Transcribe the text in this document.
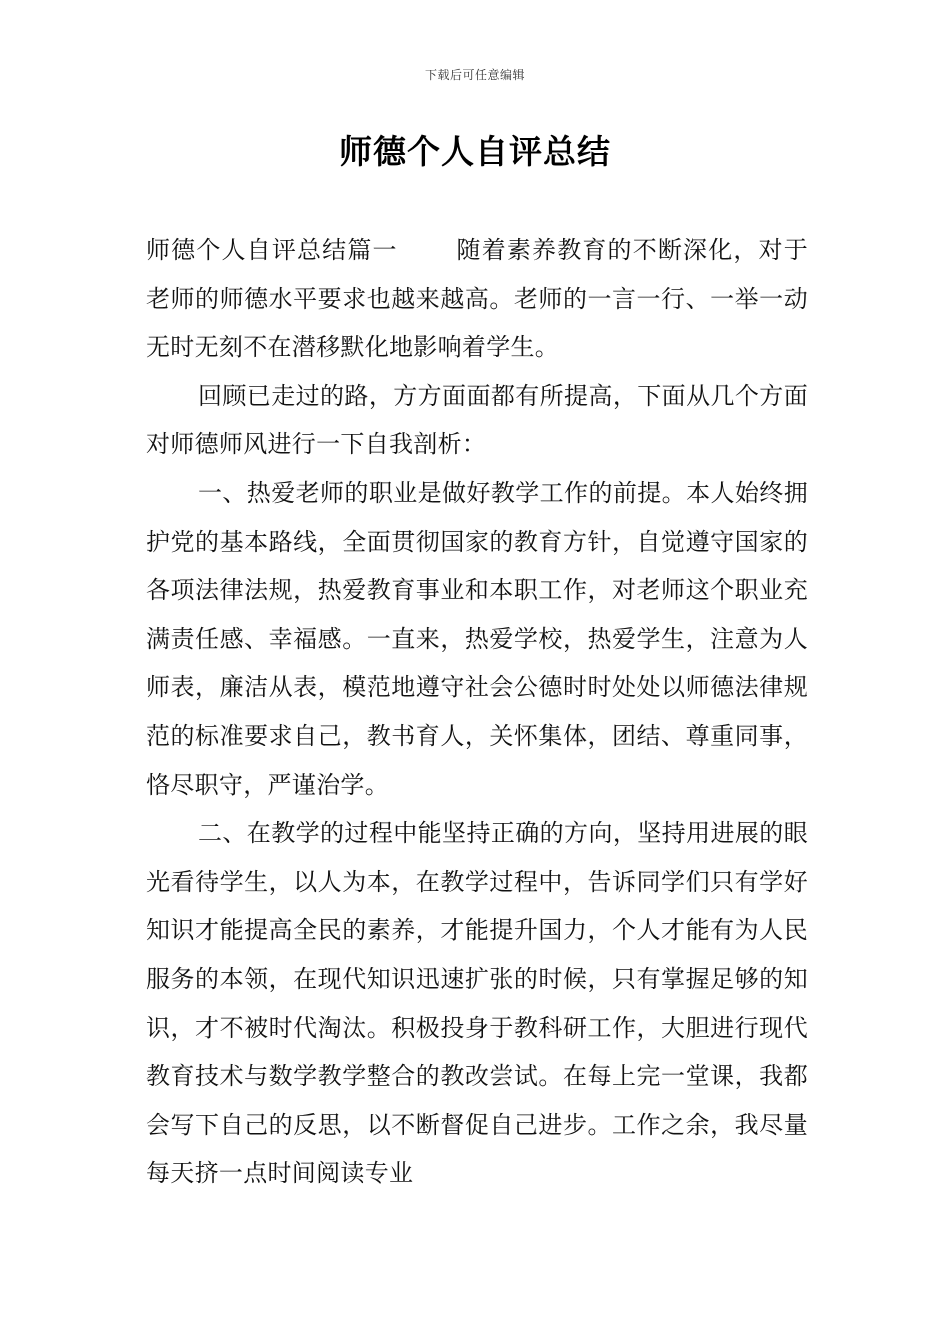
下载后可任意编辑
师德个人自评总结

师德个人自评总结篇一 随着素养教育的不断深化，对于老师的师德水平要求也越来越高。老师的一言一行、一举一动无时无刻不在潜移默化地影响着学生。

回顾已走过的路，方方面面都有所提高，下面从几个方面对师德师风进行一下自我剖析：

一、热爱老师的职业是做好教学工作的前提。本人始终拥护党的基本路线，全面贯彻国家的教育方针，自觉遵守国家的各项法律法规，热爱教育事业和本职工作，对老师这个职业充满责任感、幸福感。一直来，热爱学校，热爱学生，注意为人师表，廉洁从表，模范地遵守社会公德时时处处以师德法律规范的标准要求自己，教书育人，关怀集体，团结、尊重同事，恪尽职守，严谨治学。

二、在教学的过程中能坚持正确的方向，坚持用进展的眼光看待学生，以人为本，在教学过程中，告诉同学们只有学好知识才能提高全民的素养，才能提升国力，个人才能有为人民服务的本领，在现代知识迅速扩张的时候，只有掌握足够的知识，才不被时代淘汰。积极投身于教科研工作，大胆进行现代教育技术与数学教学整合的教改尝试。在每上完一堂课，我都会写下自己的反思，以不断督促自己进步。工作之余，我尽量每天挤一点时间阅读专业
